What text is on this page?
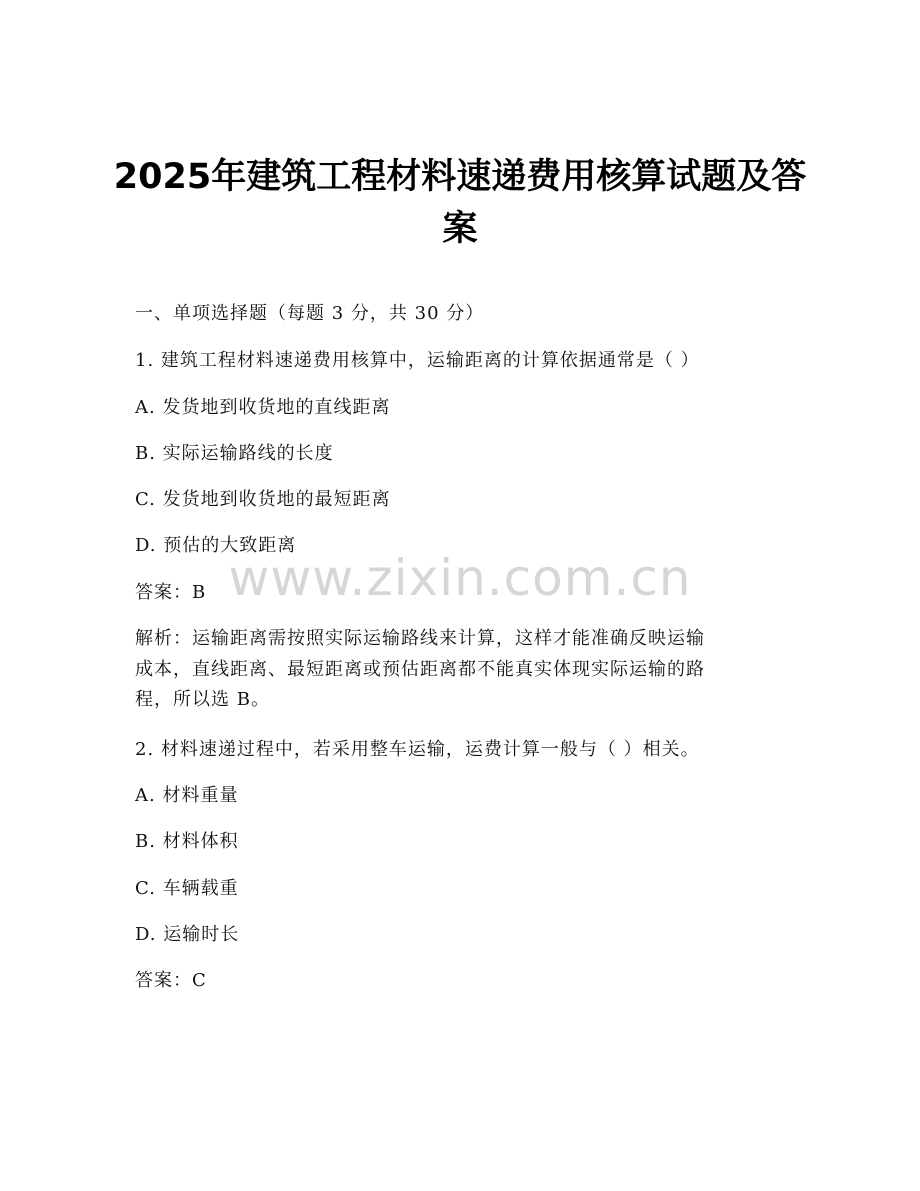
2025年建筑工程材料速递费用核算试题及答
案
一、单项选择题（每题 3 分，共 30 分）
1. 建筑工程材料速递费用核算中，运输距离的计算依据通常是（ ）
A. 发货地到收货地的直线距离
B. 实际运输路线的长度
C. 发货地到收货地的最短距离
D. 预估的大致距离
答案：B
解析：运输距离需按照实际运输路线来计算，这样才能准确反映运输
成本，直线距离、最短距离或预估距离都不能真实体现实际运输的路
程，所以选 B。
2. 材料速递过程中，若采用整车运输，运费计算一般与（ ）相关。
A. 材料重量
B. 材料体积
C. 车辆载重
D. 运输时长
答案：C
www.zixin.com.cn
